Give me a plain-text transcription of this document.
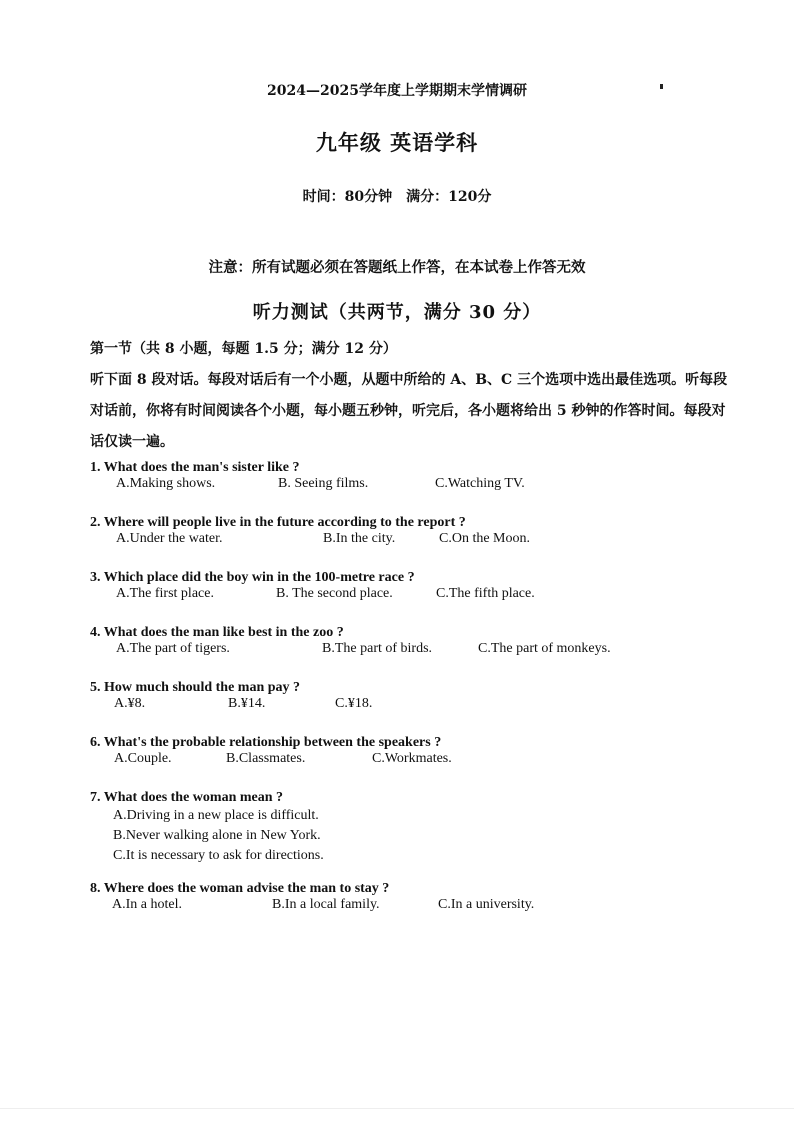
2024—2025学年度上学期期末学情调研
九年级 英语学科
时间：80分钟　满分：120分
注意：所有试题必须在答题纸上作答，在本试卷上作答无效
听力测试（共两节，满分 30 分）
第一节（共 8 小题，每题 1.5 分；满分 12 分）
听下面 8 段对话。每段对话后有一个小题，从题中所给的 A、B、C 三个选项中选出最佳选项。听每段对话前，你将有时间阅读各个小题，每小题五秒钟，听完后，各小题将给出 5 秒钟的作答时间。每段对话仅读一遍。
1. What does the man's sister like ?
A.Making shows.	B. Seeing films.	C.Watching TV.
2. Where will people live in the future according to the report ?
A.Under the water.	B.In the city.	C.On the Moon.
3. Which place did the boy win in the 100-metre race ?
A.The first place.	B. The second place.	C.The fifth place.
4. What does the man like best in the zoo ?
A.The part of tigers.	B.The part of birds.	C.The part of monkeys.
5. How much should the man pay ?
A.¥8.	B.¥14.	C.¥18.
6. What's the probable relationship between the speakers ?
A.Couple.	B.Classmates.	C.Workmates.
7. What does the woman mean ?
A.Driving in a new place is difficult.
B.Never walking alone in New York.
C.It is necessary to ask for directions.
8. Where does the woman advise the man to stay ?
A.In a hotel.	B.In a local family.	C.In a university.
